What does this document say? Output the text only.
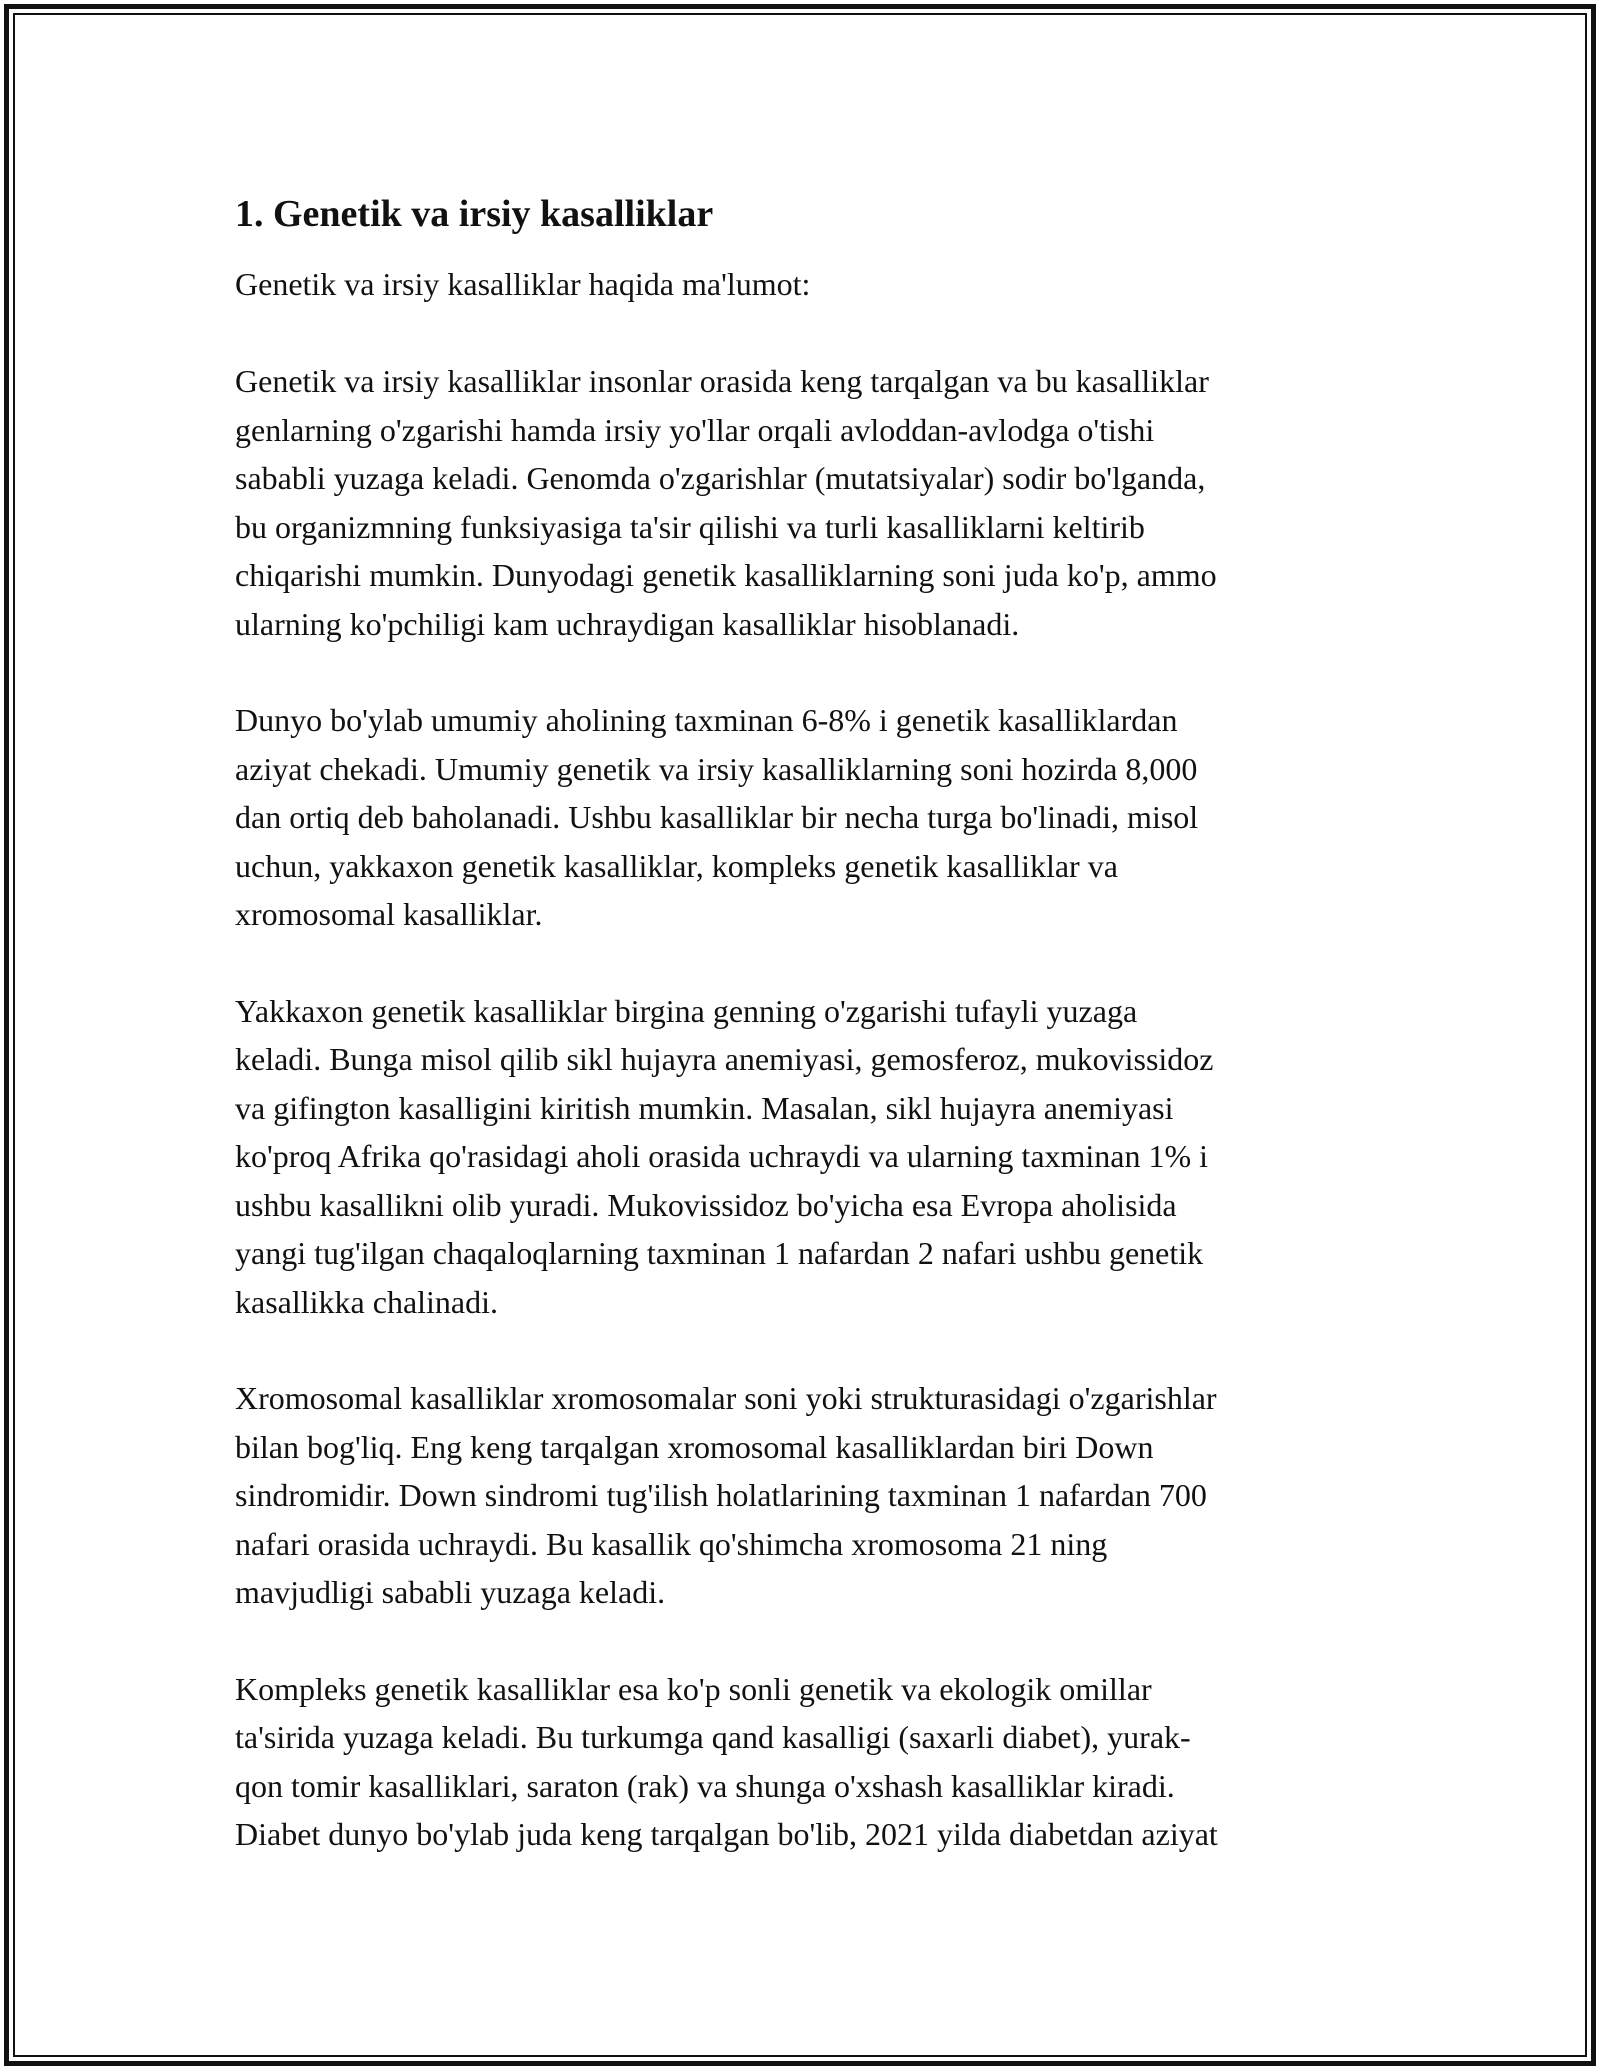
1. Genetik va irsiy kasalliklar

Genetik va irsiy kasalliklar haqida ma'lumot:

Genetik va irsiy kasalliklar insonlar orasida keng tarqalgan va bu kasalliklar
genlarning o'zgarishi hamda irsiy yo'llar orqali avloddan-avlodga o'tishi
sababli yuzaga keladi. Genomda o'zgarishlar (mutatsiyalar) sodir bo'lganda,
bu organizmning funksiyasiga ta'sir qilishi va turli kasalliklarni keltirib
chiqarishi mumkin. Dunyodagi genetik kasalliklarning soni juda ko'p, ammo
ularning ko'pchiligi kam uchraydigan kasalliklar hisoblanadi.

Dunyo bo'ylab umumiy aholining taxminan 6-8% i genetik kasalliklardan
aziyat chekadi. Umumiy genetik va irsiy kasalliklarning soni hozirda 8,000
dan ortiq deb baholanadi. Ushbu kasalliklar bir necha turga bo'linadi, misol
uchun, yakkaxon genetik kasalliklar, kompleks genetik kasalliklar va
xromosomal kasalliklar.

Yakkaxon genetik kasalliklar birgina genning o'zgarishi tufayli yuzaga
keladi. Bunga misol qilib sikl hujayra anemiyasi, gemosferoz, mukovissidoz
va gifington kasalligini kiritish mumkin. Masalan, sikl hujayra anemiyasi
ko'proq Afrika qo'rasidagi aholi orasida uchraydi va ularning taxminan 1% i
ushbu kasallikni olib yuradi. Mukovissidoz bo'yicha esa Evropa aholisida
yangi tug'ilgan chaqaloqlarning taxminan 1 nafardan 2 nafari ushbu genetik
kasallikka chalinadi.

Xromosomal kasalliklar xromosomalar soni yoki strukturasidagi o'zgarishlar
bilan bog'liq. Eng keng tarqalgan xromosomal kasalliklardan biri Down
sindromidir. Down sindromi tug'ilish holatlarining taxminan 1 nafardan 700
nafari orasida uchraydi. Bu kasallik qo'shimcha xromosoma 21 ning
mavjudligi sababli yuzaga keladi.

Kompleks genetik kasalliklar esa ko'p sonli genetik va ekologik omillar
ta'sirida yuzaga keladi. Bu turkumga qand kasalligi (saxarli diabet), yurak-
qon tomir kasalliklari, saraton (rak) va shunga o'xshash kasalliklar kiradi.
Diabet dunyo bo'ylab juda keng tarqalgan bo'lib, 2021 yilda diabetdan aziyat
